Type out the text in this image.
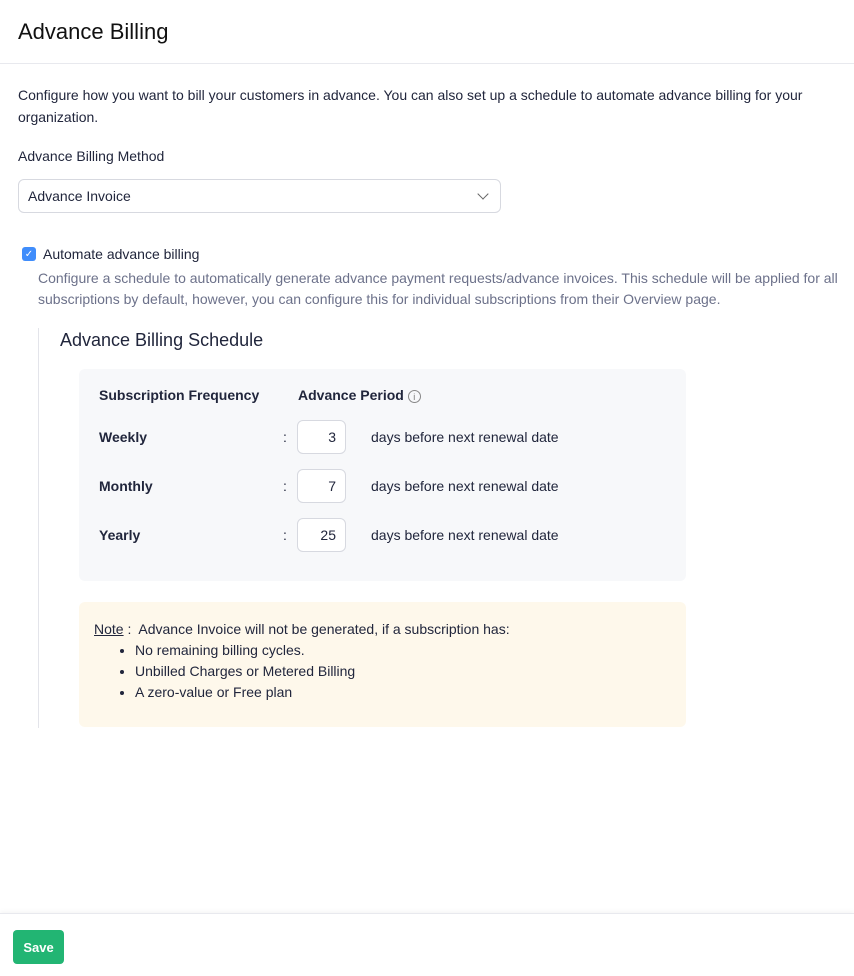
Advance Billing

Configure how you want to bill your customers in advance. You can also set up a schedule to automate advance billing for your organization.

Advance Billing Method
Advance Invoice
✓ Automate advance billing

Configure a schedule to automatically generate advance payment requests/advance invoices. This schedule will be applied for all subscriptions by default, however, you can configure this for individual subscriptions from their Overview page.

Advance Billing Schedule
Subscription Frequency	Advance Period i
Weekly	:	3	days before next renewal date
Monthly	:	7	days before next renewal date
Yearly	:	25	days before next renewal date
Note :  Advance Invoice will not be generated, if a subscription has:
• No remaining billing cycles.
• Unbilled Charges or Metered Billing
• A zero-value or Free plan
Save
